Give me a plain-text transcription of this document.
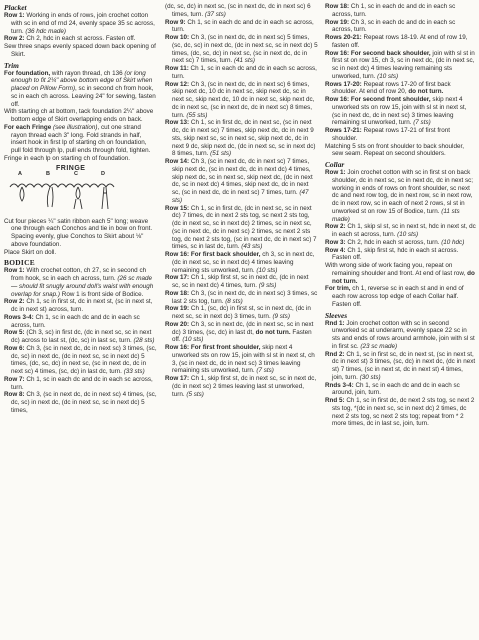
Placket

Row 1: Working in ends of rows, join crochet cotton with sc in end of rnd 24, evenly space 35 sc across, turn. (36 hdc made)

Row 2: Ch 2, hdc in each st across. Fasten off.

Sew three snaps evenly spaced down back opening of Skirt.

Trim

For foundation, with rayon thread, ch 136 (or long enough to fit 2¼" above bottom edge of Skirt when placed on Pillow Form), sc in second ch from hook, sc in each ch across. Leaving 24" for sewing, fasten off.

With starting ch at bottom, tack foundation 2¼" above bottom edge of Skirt overlapping ends on back.

For each Fringe (see illustration), cut one strand rayon thread each 3" long. Fold strands in half, insert hook in first lp of starting ch on foundation, pull fold through lp, pull ends through fold, tighten.

Fringe in each lp on starting ch of foundation.

FRINGE
A	B	C	D

Cut four pieces ¼" satin ribbon each 5" long; weave one through each Conchos and tie in bow on front. Spacing evenly, glue Conchos to Skirt about ⅛" above foundation.

Place Skirt on doll.

BODICE

Row 1: With crochet cotton, ch 27, sc in second ch from hook, sc in each ch across, turn. (26 sc made— should fit snugly around doll's waist with enough overlap for snap.) Row 1 is front side of Bodice.

Row 2: Ch 1, sc in first st, dc in next st, (sc in next st, dc in next st) across, turn.

Rows 3-4: Ch 1, sc in each dc and dc in each sc across, turn.

Row 5: (Ch 3, sc) in first dc, (dc in next sc, sc in next dc) across to last st, (dc, sc) in last sc, turn. (28 sts)

Row 6: Ch 3, (sc in next dc, dc in next sc) 3 times, (sc, dc, sc) in next dc, (dc in next sc, sc in next dc) 5 times, (dc, sc, dc) in next sc, (sc in next dc, dc in next sc) 4 times, (sc, dc) in last dc, turn. (33 sts)

Row 7: Ch 1, sc in each dc and dc in each sc across, turn.

Row 8: Ch 3, (sc in next dc, dc in next sc) 4 times, (sc, dc, sc) in next dc, (dc in next sc, sc in next dc) 5 times,

(dc, sc, dc) in next sc, (sc in next dc, dc in next sc) 6 times, turn. (37 sts)

Row 9: Ch 1, sc in each dc and dc in each sc across, turn.

Row 10: Ch 3, (sc in next dc, dc in next sc) 5 times, (sc, dc, sc) in next dc, (dc in next sc, sc in next dc) 5 times, (dc, sc, dc) in next sc, (sc in next dc, dc in next sc) 7 times, turn. (41 sts)

Row 11: Ch 1, sc in each dc and dc in each sc across, turn.

Row 12: Ch 3, (sc in next dc, dc in next sc) 6 times, skip next dc, 10 dc in next sc, skip next dc, sc in next sc, skip next dc, 10 dc in next sc, skip next dc, dc in next sc, (sc in next dc, dc in next sc) 8 times, turn. (55 sts)

Row 13: Ch 1, sc in first dc, dc in next sc, (sc in next dc, dc in next sc) 7 times, skip next dc, dc in next 9 sts, skip next sc, sc in next sc, skip next dc, dc in next 9 dc, skip next dc, (dc in next sc, sc in next dc) 8 times, turn. (51 sts)

Row 14: Ch 3, (sc in next dc, dc in next sc) 7 times, skip next dc, (sc in next dc, dc in next dc) 4 times, skip next dc, sc in next sc, skip next dc, (dc in next dc, sc in next dc) 4 times, skip next dc, dc in next sc, (sc in next dc, dc in next sc) 7 times, turn. (47 sts)

Row 15: Ch 1, sc in first dc, (dc in next sc, sc in next dc) 7 times, dc in next 2 sts tog, sc next 2 sts tog, (dc in next sc, sc in next dc) 2 times, sc in next sc, (sc in next dc, dc in next sc) 2 times, sc next 2 sts tog, dc next 2 sts tog, (sc in next dc, dc in next sc) 7 times, sc in last dc, turn. (43 sts)

Row 16: For first back shoulder, ch 3, sc in next dc, (dc in next sc, sc in next dc) 4 times leaving remaining sts unworked, turn. (10 sts)

Row 17: Ch 1, skip first st, sc in next dc, (dc in next sc, sc in next dc) 4 times, turn. (9 sts)

Row 18: Ch 3, (sc in next dc, dc in next sc) 3 times, sc last 2 sts tog, turn. (8 sts)

Row 19: Ch 1, (sc, dc) in first st, sc in next dc, (dc in next sc, sc in next dc) 3 times, turn. (9 sts)

Row 20: Ch 3, sc in next dc, (dc in next sc, sc in next dc) 3 times, (sc, dc) in last dt, do not turn. Fasten off. (10 sts)

Row 16: For first front shoulder, skip next 4 unworked sts on row 15, join with sl st in next st, ch 3, (sc in next dc, dc in next sc) 3 times leaving remaining sts unworked, turn. (7 sts)

Row 17: Ch 1, skip first st, dc in next sc, sc in next dc, (dc in next sc) 2 times leaving last st unworked, turn. (5 sts)

Row 18: Ch 1, sc in each dc and dc in each sc across, turn.

Row 19: Ch 3, sc in each dc and dc in each sc across, turn.

Rows 20-21: Repeat rows 18-19. At end of row 19, fasten off.

Row 16: For second back shoulder, join with sl st in first st on row 15, ch 3, sc in next dc, (dc in next sc, sc in next dc) 4 times leaving remaining sts unworked, turn. (10 sts)

Rows 17-20: Repeat rows 17-20 of first back shoulder. At end of row 20, do not turn.

Row 16: For second front shoulder, skip next 4 unworked sts on row 15, join with sl st in next st, (sc in next dc, dc in next sc) 3 times leaving remaining st unworked, turn. (7 sts)

Rows 17-21: Repeat rows 17-21 of first front shoulder.

Matching 5 sts on front shoulder to back shoulder, sew seam. Repeat on second shoulders.

Collar

Row 1: Join crochet cotton with sc in first st on back shoulder, dc in next sc, sc in next dc, dc in next sc; working in ends of rows on front shoulder, sc next dc and next row tog, dc in next row, sc in next row, dc in next row, sc in each of next 2 rows, sl st in unworked st on row 15 of Bodice, turn. (11 sts made)

Row 2: Ch 1, skip sl st, sc in next st, hdc in next st, dc in each st across, turn. (10 sts)

Row 3: Ch 2, hdc in each st across, turn. (10 hdc)

Row 4: Ch 1, skip first st, hdc in each st across. Fasten off.

With wrong side of work facing you, repeat on remaining shoulder and front. At end of last row, do not turn.

For trim, ch 1, reverse sc in each st and in end of each row across top edge of each Collar half. Fasten off.

Sleeves

Rnd 1: Join crochet cotton with sc in second unworked sc at underarm, evenly space 22 sc in sts and ends of rows around armhole, join with sl st in first sc. (23 sc made)

Rnd 2: Ch 1, sc in first sc, dc in next st, (sc in next st, dc in next st) 3 times, (sc, dc) in next dc, (dc in next st) 7 times, (sc in next st, dc in next st) 4 times, join, turn. (30 sts)

Rnds 3-4: Ch 1, sc in each dc and dc in each sc around, join, turn.

Rnd 5: Ch 1, sc in first dc, dc next 2 sts tog, sc next 2 sts tog, *(dc in next sc, sc in next dc) 2 times, dc next 2 sts tog, sc next 2 sts tog; repeat from * 2 more times, dc in last sc, join, turn.
